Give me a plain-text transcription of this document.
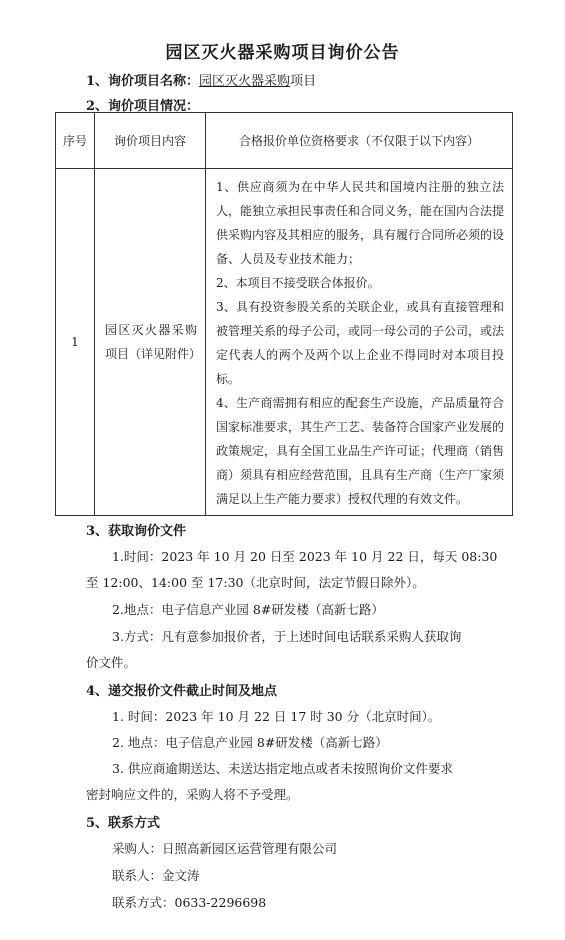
园区灭火器采购项目询价公告
1、询价项目名称：园区灭火器采购项目
2、询价项目情况：
序号	询价项目内容	合格报价单位资格要求（不仅限于以下内容）
1	园区灭火器采购项目（详见附件）	1、供应商须为在中华人民共和国境内注册的独立法人，能独立承担民事责任和合同义务，能在国内合法提供采购内容及其相应的服务，具有履行合同所必须的设备、人员及专业技术能力；
2、本项目不接受联合体报价。
3、具有投资参股关系的关联企业，或具有直接管理和被管理关系的母子公司，或同一母公司的子公司，或法定代表人的两个及两个以上企业不得同时对本项目投标。
4、生产商需拥有相应的配套生产设施，产品质量符合国家标准要求，其生产工艺、装备符合国家产业发展的政策规定，具有全国工业品生产许可证；代理商（销售商）须具有相应经营范围，且具有生产商（生产厂家须满足以上生产能力要求）授权代理的有效文件。
3、获取询价文件
1.时间：2023 年 10 月 20 日至 2023 年 10 月 22 日，每天 08:30
至 12:00、14:00 至 17:30（北京时间，法定节假日除外）。
2.地点：电子信息产业园 8#研发楼（高新七路）
3.方式：凡有意参加报价者，于上述时间电话联系采购人获取询
价文件。
4、递交报价文件截止时间及地点
1. 时间：2023 年 10 月 22 日 17 时 30 分（北京时间）。
2. 地点：电子信息产业园 8#研发楼（高新七路）
3. 供应商逾期送达、未送达指定地点或者未按照询价文件要求
密封响应文件的，采购人将不予受理。
5、联系方式
采购人：日照高新园区运营管理有限公司
联系人：金文涛
联系方式：0633-2296698
